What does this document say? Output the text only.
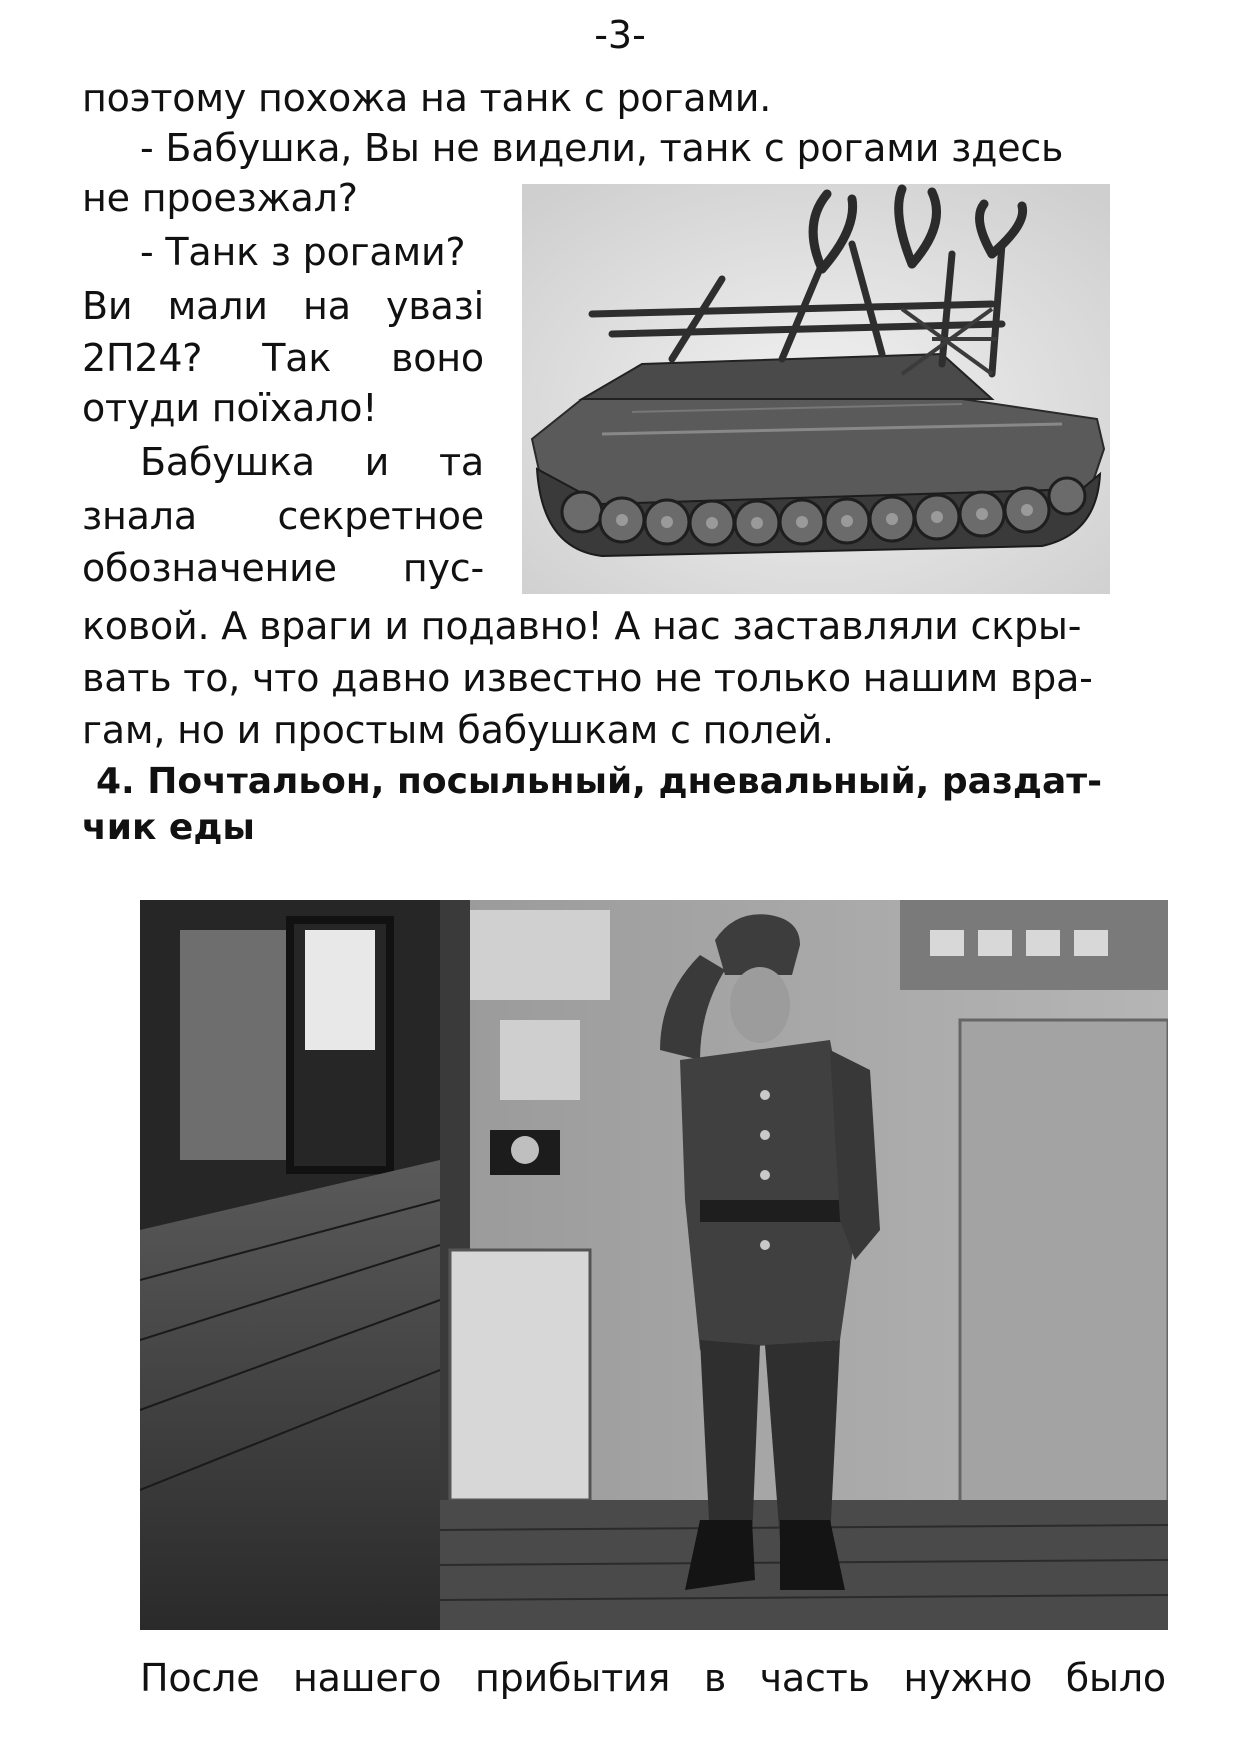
-3-
поэтому похожа на танк с рогами.
- Бабушка, Вы не видели, танк с рогами здесь
не проезжал?
- Танк з рогами?
Ви мали на увазі
2П24? Так воно
отуди поїхало!
Бабушка и та
знала секретное
обозначение пус-
ковой. А враги и подавно! А нас заставляли скры-
вать то, что давно известно не только нашим вра-
гам, но и простым бабушкам с полей.
4. Почтальон, посыльный, дневальный, раздат-
чик еды
После нашего прибытия в часть нужно было
